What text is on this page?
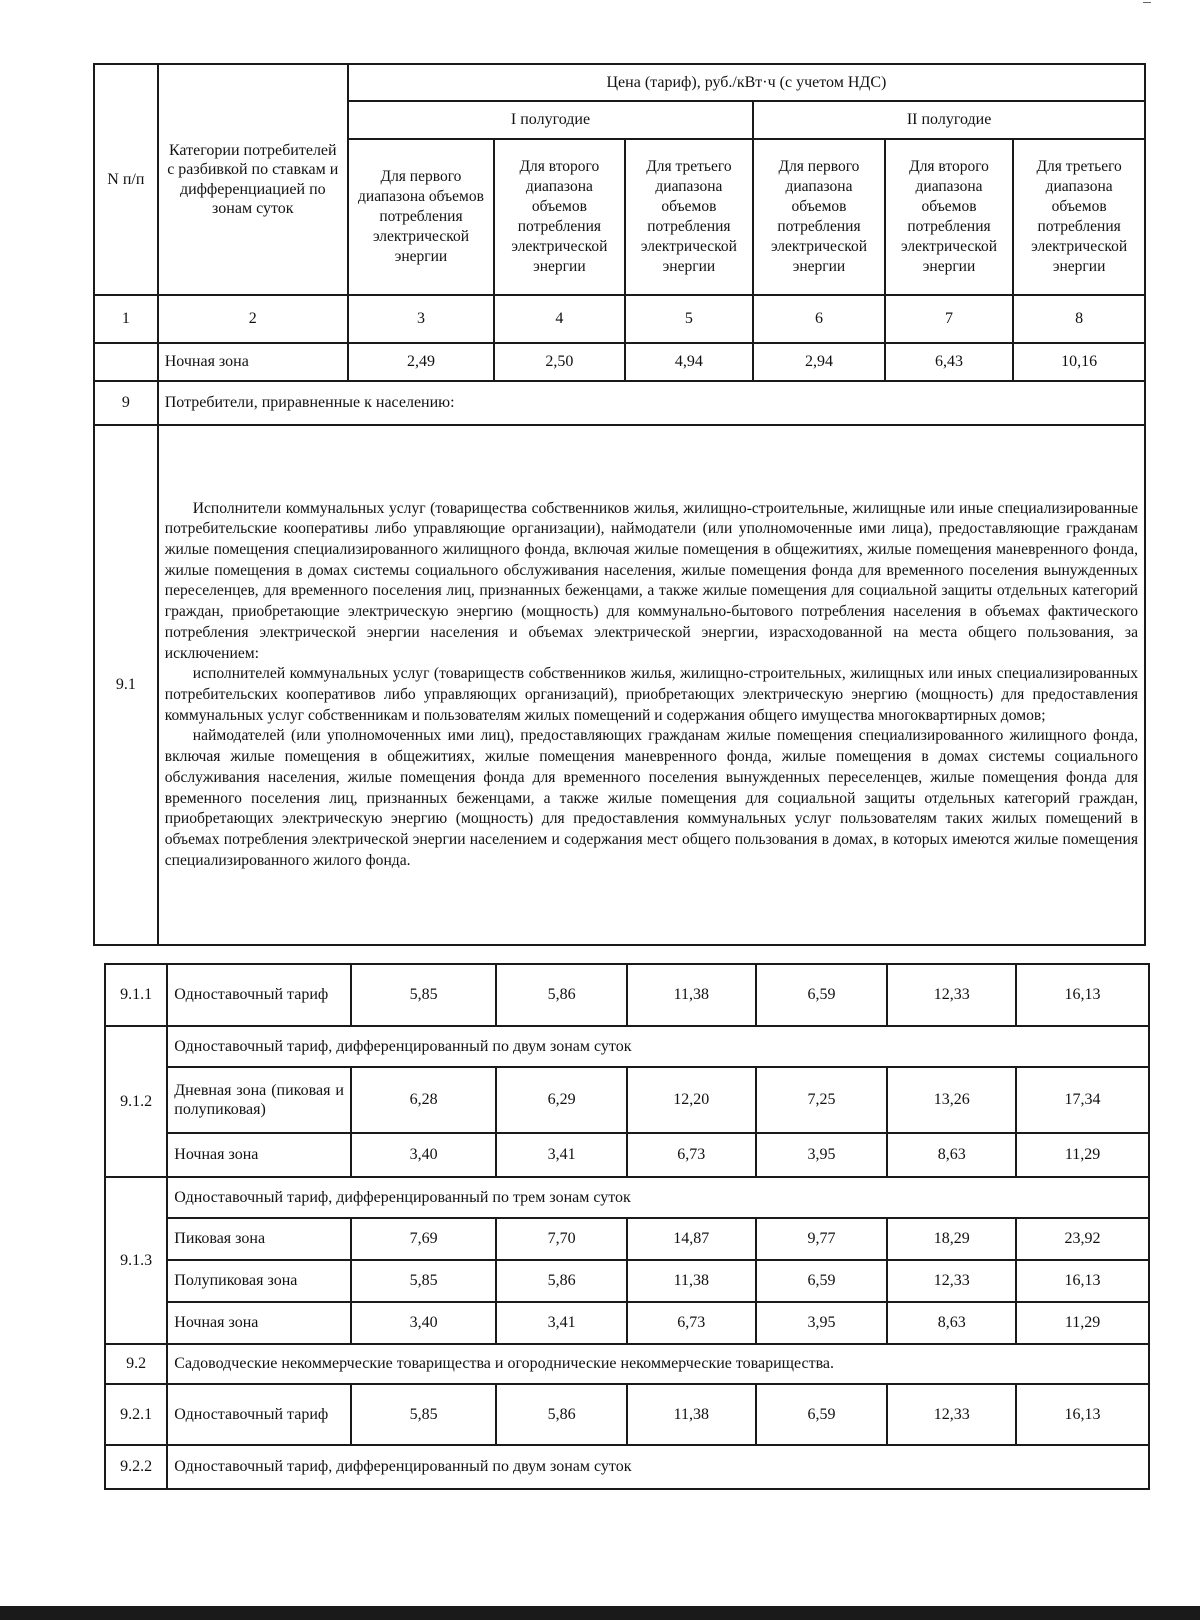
N п/п	Категории потребителей с разбивкой по ставкам и дифференциацией по зонам суток	Цена (тариф), руб./кВт·ч (с учетом НДС)					
		I полугодие			II полугодие		
		Для первого диапазона объемов потребления электрической энергии	Для второго диапазона объемов потребления электрической энергии	Для третьего диапазона объемов потребления электрической энергии	Для первого диапазона объемов потребления электрической энергии	Для второго диапазона объемов потребления электрической энергии	Для третьего диапазона объемов потребления электрической энергии
1	2	3	4	5	6	7	8
	Ночная зона	2,49	2,50	4,94	2,94	6,43	10,16
9	Потребители, приравненные к населению:						
9.1	Исполнители коммунальных услуг (товарищества собственников жилья, жилищно-строительные, жилищные или иные специализированные потребительские кооперативы либо управляющие организации), наймодатели (или уполномоченные ими лица), предоставляющие гражданам жилые помещения специализированного жилищного фонда, включая жилые помещения в общежитиях, жилые помещения маневренного фонда, жилые помещения в домах системы социального обслуживания населения, жилые помещения фонда для временного поселения вынужденных переселенцев, для временного поселения лиц, признанных беженцами, а также жилые помещения для социальной защиты отдельных категорий граждан, приобретающие электрическую энергию (мощность) для коммунально-бытового потребления населения в объемах фактического потребления электрической энергии населения и объемах электрической энергии, израсходованной на места общего пользования, за исключением:

исполнителей коммунальных услуг (товариществ собственников жилья, жилищно-строительных, жилищных или иных специализированных потребительских кооперативов либо управляющих организаций), приобретающих электрическую энергию (мощность) для предоставления коммунальных услуг собственникам и пользователям жилых помещений и содержания общего имущества многоквартирных домов;

наймодателей (или уполномоченных ими лиц), предоставляющих гражданам жилые помещения специализированного жилищного фонда, включая жилые помещения в общежитиях, жилые помещения маневренного фонда, жилые помещения в домах системы социального обслуживания населения, жилые помещения фонда для временного поселения вынужденных переселенцев, жилые помещения фонда для временного поселения лиц, признанных беженцами, а также жилые помещения для социальной защиты отдельных категорий граждан, приобретающих электрическую энергию (мощность) для предоставления коммунальных услуг пользователям таких жилых помещений в объемах потребления электрической энергии населением и содержания мест общего пользования в домах, в которых имеются жилые помещения специализированного жилого фонда.						

9.1.1	Одноставочный тариф	5,85	5,86	11,38	6,59	12,33	16,13
9.1.2	Одноставочный тариф, дифференцированный по двум зонам суток						
	Дневная зона (пиковая и полупиковая)	6,28	6,29	12,20	7,25	13,26	17,34
	Ночная зона	3,40	3,41	6,73	3,95	8,63	11,29
9.1.3	Одноставочный тариф, дифференцированный по трем зонам суток						
	Пиковая зона	7,69	7,70	14,87	9,77	18,29	23,92
	Полупиковая зона	5,85	5,86	11,38	6,59	12,33	16,13
	Ночная зона	3,40	3,41	6,73	3,95	8,63	11,29
9.2	Садоводческие некоммерческие товарищества и огороднические некоммерческие товарищества.						
9.2.1	Одноставочный тариф	5,85	5,86	11,38	6,59	12,33	16,13
9.2.2	Одноставочный тариф, дифференцированный по двум зонам суток						
